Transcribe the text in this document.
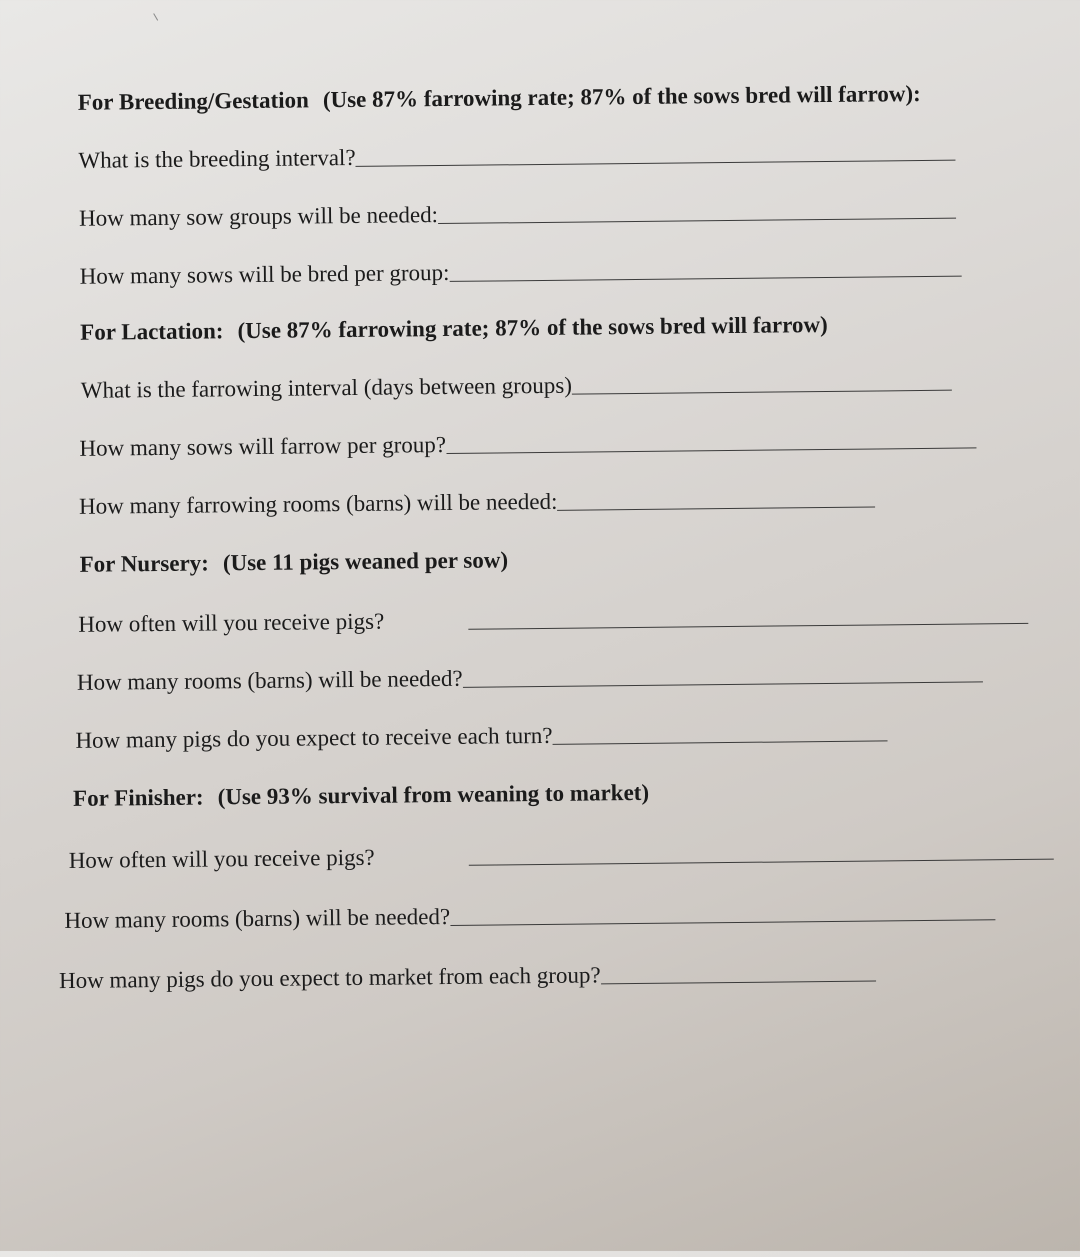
For Breeding/Gestation (Use 87% farrowing rate; 87% of the sows bred will farrow):
What is the breeding interval?
How many sow groups will be needed:
How many sows will be bred per group:
For Lactation: (Use 87% farrowing rate; 87% of the sows bred will farrow)
What is the farrowing interval (days between groups)
How many sows will farrow per group?
How many farrowing rooms (barns) will be needed:
For Nursery: (Use 11 pigs weaned per sow)
How often will you receive pigs?
How many rooms (barns) will be needed?
How many pigs do you expect to receive each turn?
For Finisher: (Use 93% survival from weaning to market)
How often will you receive pigs?
How many rooms (barns) will be needed?
How many pigs do you expect to market from each group?
